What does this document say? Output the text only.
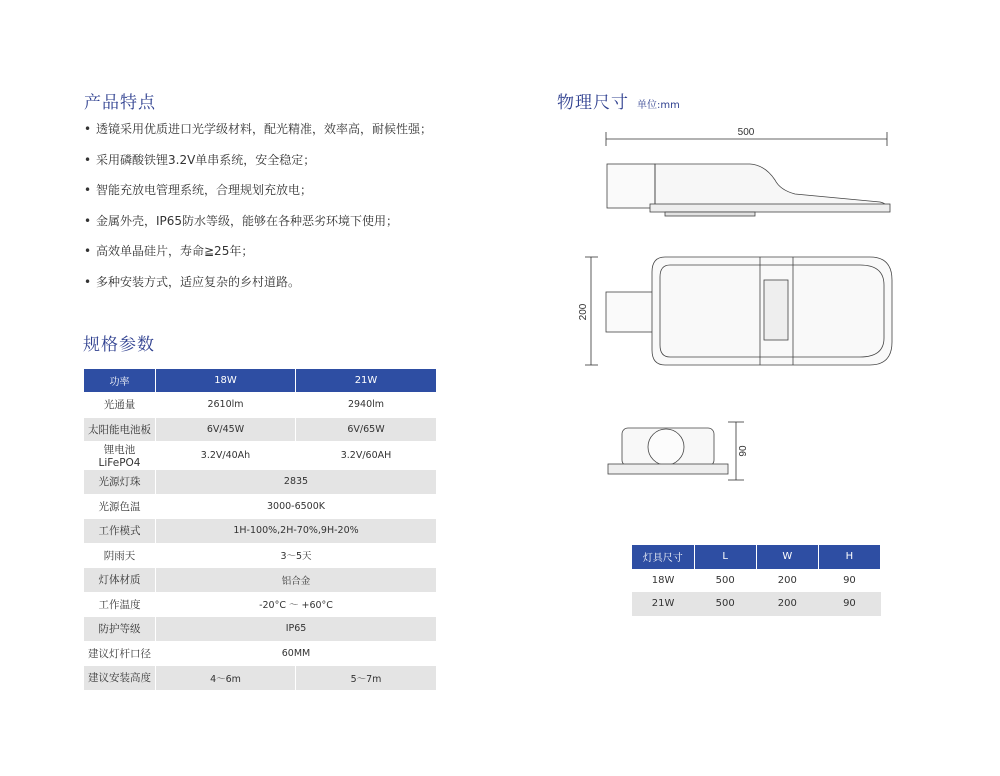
产品特点
• 透镜采用优质进口光学级材料，配光精准，效率高，耐候性强；
• 采用磷酸铁锂3.2V单串系统，安全稳定；
• 智能充放电管理系统，合理规划充放电；
• 金属外壳，IP65防水等级，能够在各种恶劣环境下使用；
• 高效单晶硅片，寿命≧25年；
• 多种安装方式，适应复杂的乡村道路。
规格参数
功率	18W	21W
光通量	2610lm	2940lm
太阳能电池板	6V/45W	6V/65W
锂电池LiFePO4	3.2V/40Ah	3.2V/60AH
光源灯珠	2835	
光源色温	3000-6500K	
工作模式	1H-100%,2H-70%,9H-20%	
阴雨天	3～5天	
灯体材质	铝合金	
工作温度	-20°C ～ +60°C	
防护等级	IP65	
建议灯杆口径	60MM	
建议安装高度	4～6m	5～7m
物理尺寸 单位:mm
500
200
90
灯具尺寸	L	W	H
18W	500	200	90
21W	500	200	90
